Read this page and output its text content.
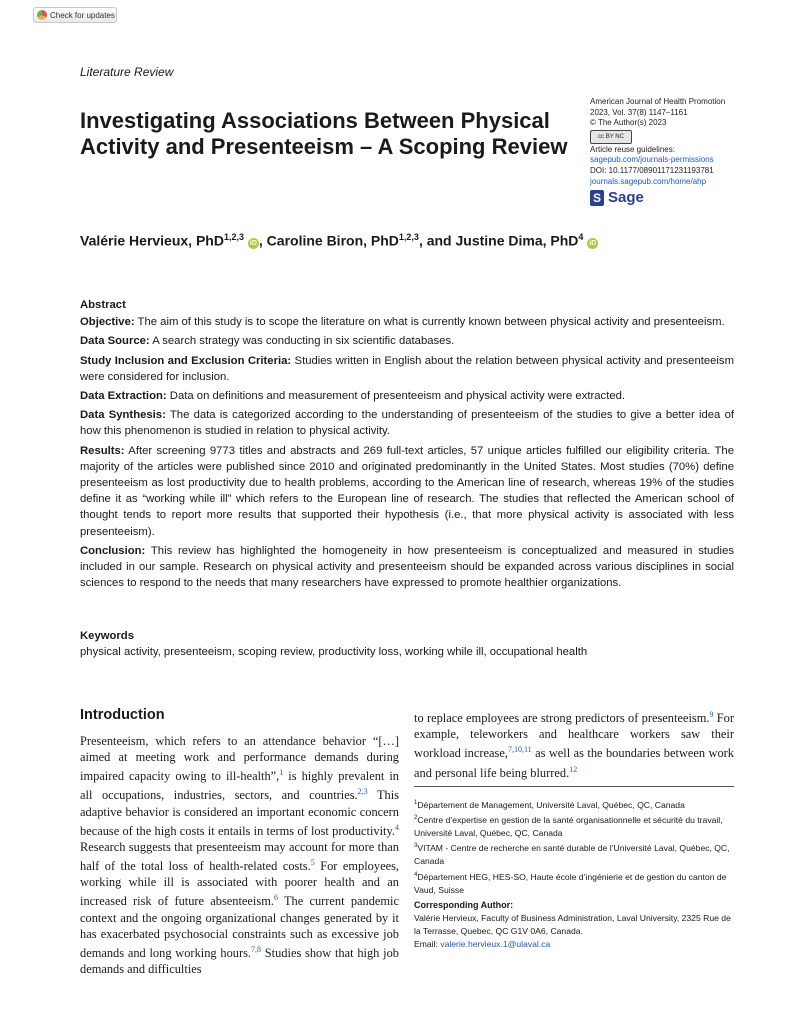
Check for updates
Literature Review
Investigating Associations Between Physical Activity and Presenteeism – A Scoping Review
American Journal of Health Promotion
2023, Vol. 37(8) 1147–1161
© The Author(s) 2023
cc BY NC
Article reuse guidelines:
sagepub.com/journals-permissions
DOI: 10.1177/08901171231193781
journals.sagepub.com/home/ahp
S Sage
Valérie Hervieux, PhD$^{1,2,3}$ iD , Caroline Biron, PhD$^{1,2,3}$, and Justine Dima, PhD$^4$ iD
Abstract

Objective: The aim of this study is to scope the literature on what is currently known between physical activity and presenteeism.

Data Source: A search strategy was conducting in six scientific databases.

Study Inclusion and Exclusion Criteria: Studies written in English about the relation between physical activity and presenteeism were considered for inclusion.

Data Extraction: Data on definitions and measurement of presenteeism and physical activity were extracted.

Data Synthesis: The data is categorized according to the understanding of presenteeism of the studies to give a better idea of how this phenomenon is studied in relation to physical activity.

Results: After screening 9773 titles and abstracts and 269 full-text articles, 57 unique articles fulfilled our eligibility criteria. The majority of the articles were published since 2010 and originated predominantly in the United States. Most studies (70%) define presenteeism as lost productivity due to health problems, according to the American line of research, whereas 19% of the studies define it as “working while ill” which refers to the European line of research. The studies that reflected the American school of thought tends to report more results that supported their hypothesis (i.e., that more physical activity is associated with less presenteeism).

Conclusion: This review has highlighted the homogeneity in how presenteeism is conceptualized and measured in studies included in our sample. Research on physical activity and presenteeism should be expanded across various disciplines in social sciences to respond to the needs that many researchers have expressed to promote healthier organizations.

Keywords
physical activity, presenteeism, scoping review, productivity loss, working while ill, occupational health
Introduction
Presenteeism, which refers to an attendance behavior “[…] aimed at meeting work and performance demands during impaired capacity owing to ill-health”,$^1$ is highly prevalent in all occupations, industries, sectors, and countries.$^{2,3}$ This adaptive behavior is considered an important economic concern because of the high costs it entails in terms of lost productivity.$^4$ Research suggests that presenteeism may account for more than half of the total loss of health-related costs.$^5$ For employees, working while ill is associated with poorer health and an increased risk of future absenteeism.$^6$ The current pandemic context and the ongoing organizational changes generated by it has exacerbated psychosocial constraints such as excessive job demands and long working hours.$^{7,8}$ Studies show that high job demands and difficulties
to replace employees are strong predictors of presenteeism.$^9$ For example, teleworkers and healthcare workers saw their workload increase,$^{7,10,11}$ as well as the boundaries between work and personal life being blurred.$^{12}$
$^1$Département de Management, Université Laval, Québec, QC, Canada
$^2$Centre d’expertise en gestion de la santé organisationnelle et sécurité du travail, Université Laval, Québec, QC, Canada
$^3$VITAM - Centre de recherche en santé durable de l’Université Laval, Québec, QC, Canada
$^4$Département HEG, HES-SO, Haute école d’ingénierie et de gestion du canton de Vaud, Suisse
Corresponding Author:
Valérie Hervieux, Faculty of Business Administration, Laval University, 2325 Rue de la Terrasse, Quebec, QC G1V 0A6, Canada.
Email: valerie.hervieux.1@ulaval.ca
